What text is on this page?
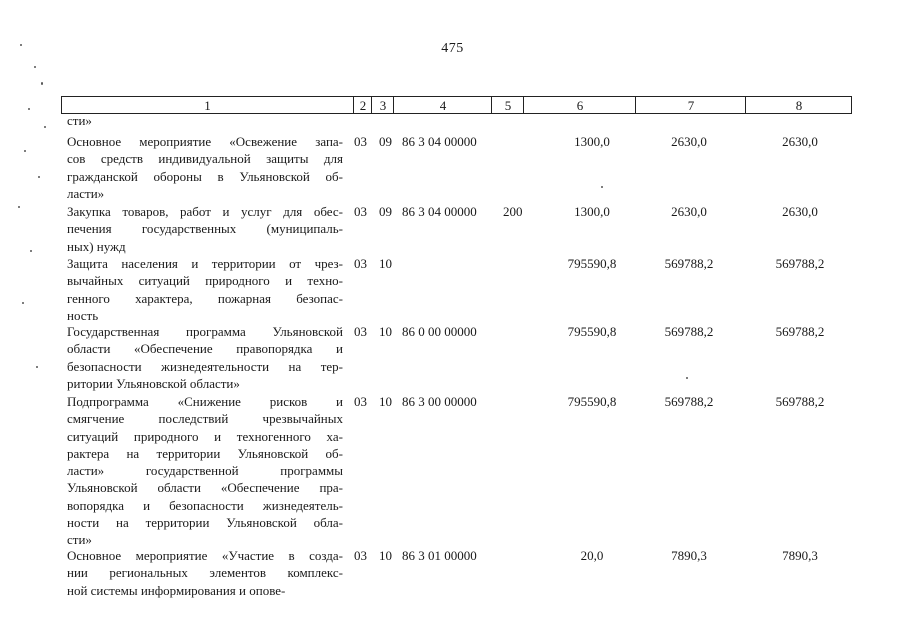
475
1	2	3	4	5	6	7	8
сти»
Основное мероприятие «Освежение запа-
сов средств индивидуальной защиты для
гражданской обороны в Ульяновской об-
ласти»
03 09 86 3 04 00000	1300,0	2630,0	2630,0
Закупка товаров, работ и услуг для обес-
печения государственных (муниципаль-
ных) нужд
03 09 86 3 04 00000 200	1300,0	2630,0	2630,0
Защита населения и территории от чрез-
вычайных ситуаций природного и техно-
генного характера, пожарная безопас-
ность
03 10	795590,8	569788,2	569788,2
Государственная программа Ульяновской
области «Обеспечение правопорядка и
безопасности жизнедеятельности на тер-
ритории Ульяновской области»
03 10 86 0 00 00000	795590,8	569788,2	569788,2
Подпрограмма «Снижение рисков и
смягчение последствий чрезвычайных
ситуаций природного и техногенного ха-
рактера на территории Ульяновской об-
ласти» государственной программы
Ульяновской области «Обеспечение пра-
вопорядка и безопасности жизнедеятель-
ности на территории Ульяновской обла-
сти»
03 10 86 3 00 00000	795590,8	569788,2	569788,2
Основное мероприятие «Участие в созда-
нии региональных элементов комплекс-
ной системы информирования и опове-
03 10 86 3 01 00000	20,0	7890,3	7890,3
